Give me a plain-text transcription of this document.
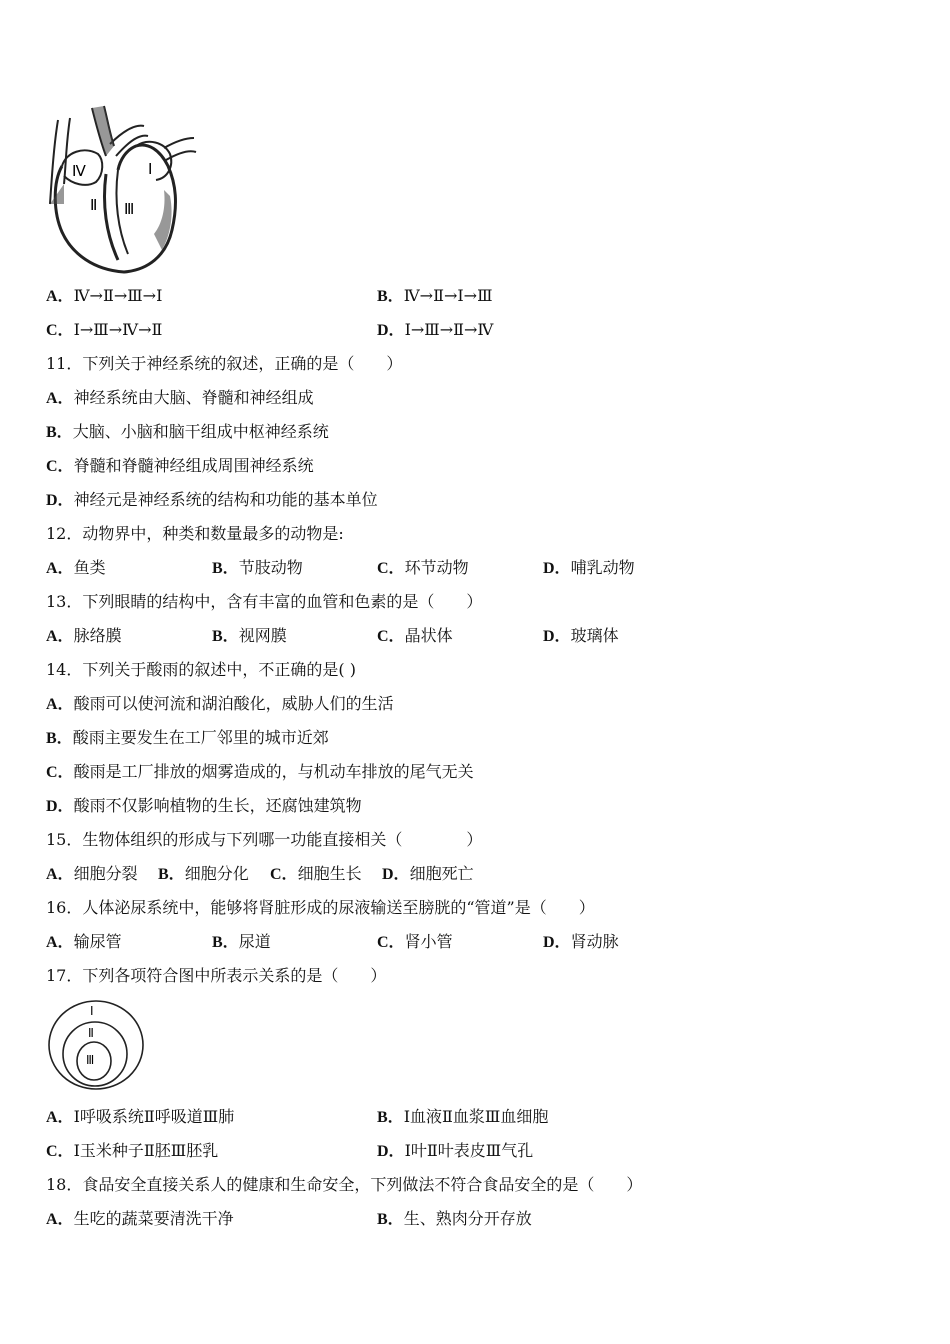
Ⅳ
Ⅱ Ⅲ
Ⅰ
A．Ⅳ→Ⅱ→Ⅲ→Ⅰ	B．Ⅳ→Ⅱ→Ⅰ→Ⅲ
C．Ⅰ→Ⅲ→Ⅳ→Ⅱ	D．Ⅰ→Ⅲ→Ⅱ→Ⅳ
11．下列关于神经系统的叙述，正确的是（　　）
A．神经系统由大脑、脊髓和神经组成
B．大脑、小脑和脑干组成中枢神经系统
C．脊髓和脊髓神经组成周围神经系统
D．神经元是神经系统的结构和功能的基本单位
12．动物界中，种类和数量最多的动物是:
A．鱼类	B．节肢动物	C．环节动物	D．哺乳动物
13．下列眼睛的结构中，含有丰富的血管和色素的是（　　）
A．脉络膜	B．视网膜	C．晶状体	D．玻璃体
14．下列关于酸雨的叙述中，不正确的是( )
A．酸雨可以使河流和湖泊酸化，威胁人们的生活
B．酸雨主要发生在工厂邻里的城市近郊
C．酸雨是工厂排放的烟雾造成的，与机动车排放的尾气无关
D．酸雨不仅影响植物的生长，还腐蚀建筑物
15．生物体组织的形成与下列哪一功能直接相关（　　　　）
A．细胞分裂 B．细胞分化 C．细胞生长 D．细胞死亡
16．人体泌尿系统中，能够将肾脏形成的尿液输送至膀胱的“管道”是（　　）
A．输尿管	B．尿道	C．肾小管	D．肾动脉
17．下列各项符合图中所表示关系的是（　　）
Ⅰ
Ⅱ
Ⅲ
A．Ⅰ呼吸系统Ⅱ呼吸道Ⅲ肺	B．Ⅰ血液Ⅱ血浆Ⅲ血细胞
C．Ⅰ玉米种子Ⅱ胚Ⅲ胚乳	D．Ⅰ叶Ⅱ叶表皮Ⅲ气孔
18．食品安全直接关系人的健康和生命安全，下列做法不符合食品安全的是（　　）
A．生吃的蔬菜要清洗干净	B．生、熟肉分开存放
